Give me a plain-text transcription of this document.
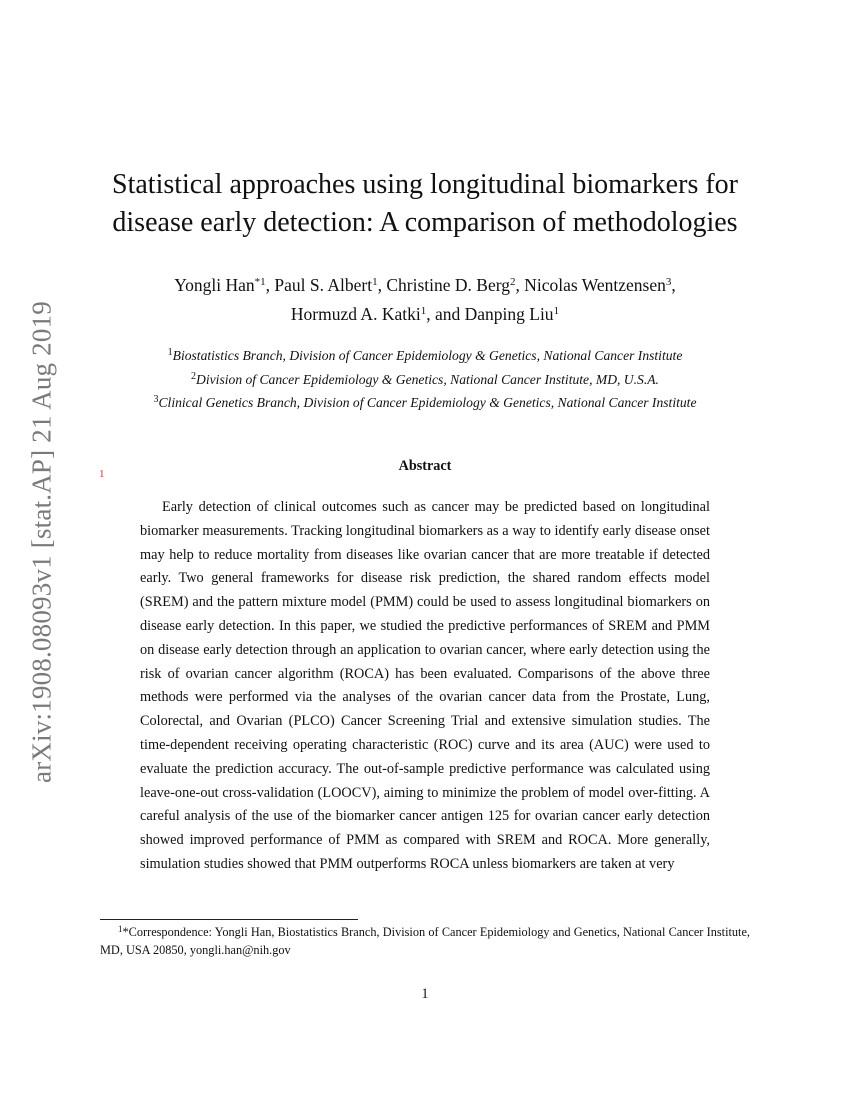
arXiv:1908.08093v1 [stat.AP] 21 Aug 2019
Statistical approaches using longitudinal biomarkers for
disease early detection: A comparison of methodologies
Yongli Han$^{*1}$, Paul S. Albert$^1$, Christine D. Berg$^2$, Nicolas Wentzensen$^3$,
Hormuzd A. Katki$^1$, and Danping Liu$^1$
$^1$Biostatistics Branch, Division of Cancer Epidemiology & Genetics, National Cancer Institute
$^2$Division of Cancer Epidemiology & Genetics, National Cancer Institute, MD, U.S.A.
$^3$Clinical Genetics Branch, Division of Cancer Epidemiology & Genetics, National Cancer Institute
1	Abstract

Early detection of clinical outcomes such as cancer may be predicted based on longitudinal biomarker measurements. Tracking longitudinal biomarkers as a way to identify early disease onset may help to reduce mortality from diseases like ovarian cancer that are more treatable if detected early. Two general frameworks for disease risk prediction, the shared random effects model (SREM) and the pattern mixture model (PMM) could be used to assess longitudinal biomarkers on disease early detection. In this paper, we studied the predictive performances of SREM and PMM on disease early detection through an application to ovarian cancer, where early detection using the risk of ovarian cancer algorithm (ROCA) has been evaluated. Comparisons of the above three methods were performed via the analyses of the ovarian cancer data from the Prostate, Lung, Colorectal, and Ovarian (PLCO) Cancer Screening Trial and extensive simulation studies. The time-dependent receiving operating characteristic (ROC) curve and its area (AUC) were used to evaluate the prediction accuracy. The out-of-sample predictive performance was calculated using leave-one-out cross-validation (LOOCV), aiming to minimize the problem of model over-fitting. A careful analysis of the use of the biomarker cancer antigen 125 for ovarian cancer early detection showed improved performance of PMM as compared with SREM and ROCA. More generally, simulation studies showed that PMM outperforms ROCA unless biomarkers are taken at very

$^1$*Correspondence: Yongli Han, Biostatistics Branch, Division of Cancer Epidemiology and Genetics, National Cancer Institute, MD, USA 20850, yongli.han@nih.gov

1
